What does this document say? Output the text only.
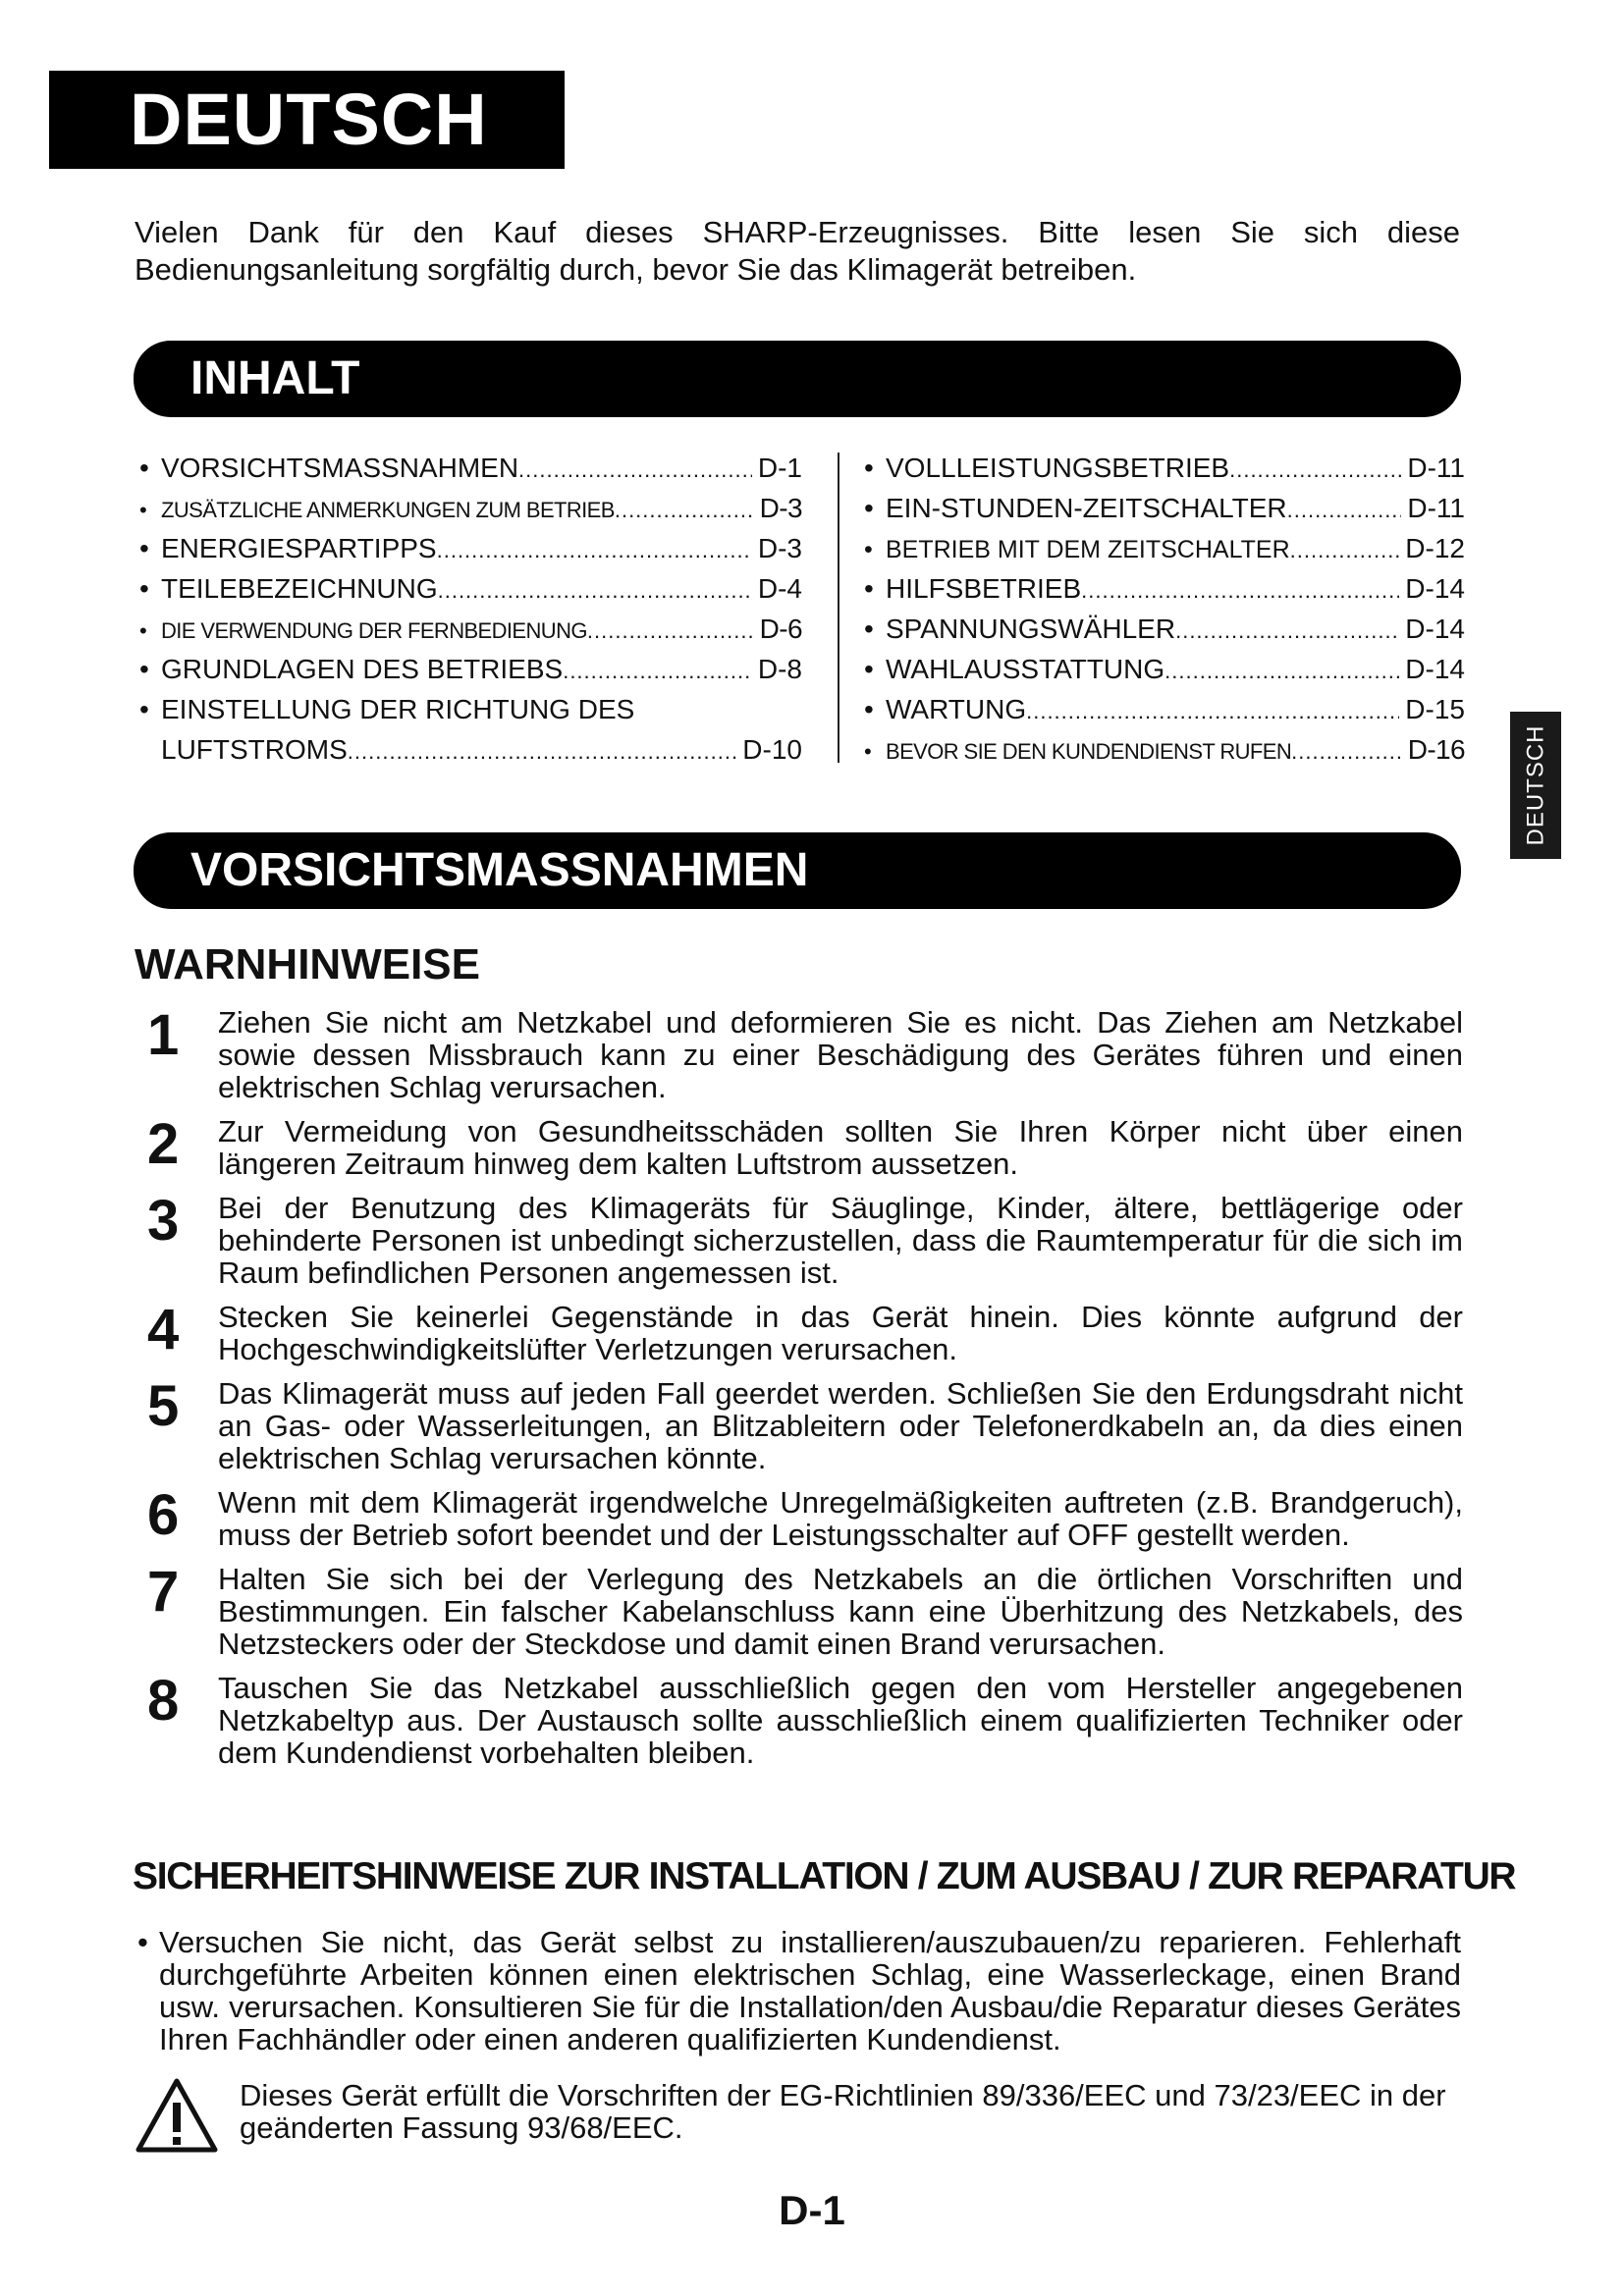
DEUTSCH
Vielen Dank für den Kauf dieses SHARP-Erzeugnisses. Bitte lesen Sie sich diese Bedienungsanleitung sorgfältig durch, bevor Sie das Klimagerät betreiben.
INHALT
• VORSICHTSMASSNAHMEN .....	D-1
• ZUSÄTZLICHE ANMERKUNGEN ZUM BETRIEB .....	D-3
• ENERGIESPARTIPPS .....	D-3
• TEILEBEZEICHNUNG .....	D-4
• DIE VERWENDUNG DER FERNBEDIENUNG .....	D-6
• GRUNDLAGEN DES BETRIEBS .....	D-8
• EINSTELLUNG DER RICHTUNG DES
LUFTSTROMS .....	D-10
• VOLLLEISTUNGSBETRIEB .....	D-11
• EIN-STUNDEN-ZEITSCHALTER .....	D-11
• BETRIEB MIT DEM ZEITSCHALTER .....	D-12
• HILFSBETRIEB .....	D-14
• SPANNUNGSWÄHLER .....	D-14
• WAHLAUSSTATTUNG .....	D-14
• WARTUNG .....	D-15
• BEVOR SIE DEN KUNDENDIENST RUFEN .....	D-16 DEUTSCH
VORSICHTSMASSNAHMEN
WARNHINWEISE
1 Ziehen Sie nicht am Netzkabel und deformieren Sie es nicht. Das Ziehen am Netzkabel sowie dessen Missbrauch kann zu einer Beschädigung des Gerätes führen und einen elektrischen Schlag verursachen.
2 Zur Vermeidung von Gesundheitsschäden sollten Sie Ihren Körper nicht über einen längeren Zeitraum hinweg dem kalten Luftstrom aussetzen.
3 Bei der Benutzung des Klimageräts für Säuglinge, Kinder, ältere, bettlägerige oder behinderte Personen ist unbedingt sicherzustellen, dass die Raumtemperatur für die sich im Raum befindlichen Personen angemessen ist.
4 Stecken Sie keinerlei Gegenstände in das Gerät hinein. Dies könnte aufgrund der Hochgeschwindigkeitslüfter Verletzungen verursachen.
5 Das Klimagerät muss auf jeden Fall geerdet werden. Schließen Sie den Erdungsdraht nicht an Gas- oder Wasserleitungen, an Blitzableitern oder Telefonerdkabeln an, da dies einen elektrischen Schlag verursachen könnte.
6 Wenn mit dem Klimagerät irgendwelche Unregelmäßigkeiten auftreten (z.B. Brandgeruch), muss der Betrieb sofort beendet und der Leistungsschalter auf OFF gestellt werden.
7 Halten Sie sich bei der Verlegung des Netzkabels an die örtlichen Vorschriften und Bestimmungen. Ein falscher Kabelanschluss kann eine Überhitzung des Netzkabels, des Netzsteckers oder der Steckdose und damit einen Brand verursachen.
8 Tauschen Sie das Netzkabel ausschließlich gegen den vom Hersteller angegebenen Netzkabeltyp aus. Der Austausch sollte ausschließlich einem qualifizierten Techniker oder dem Kundendienst vorbehalten bleiben.
SICHERHEITSHINWEISE ZUR INSTALLATION / ZUM AUSBAU / ZUR REPARATUR
• Versuchen Sie nicht, das Gerät selbst zu installieren/auszubauen/zu reparieren. Fehlerhaft durchgeführte Arbeiten können einen elektrischen Schlag, eine Wasserleckage, einen Brand usw. verursachen. Konsultieren Sie für die Installation/den Ausbau/die Reparatur dieses Gerätes Ihren Fachhändler oder einen anderen qualifizierten Kundendienst.

Dieses Gerät erfüllt die Vorschriften der EG-Richtlinien 89/336/EEC und 73/23/EEC in der geänderten Fassung 93/68/EEC.
D-1
